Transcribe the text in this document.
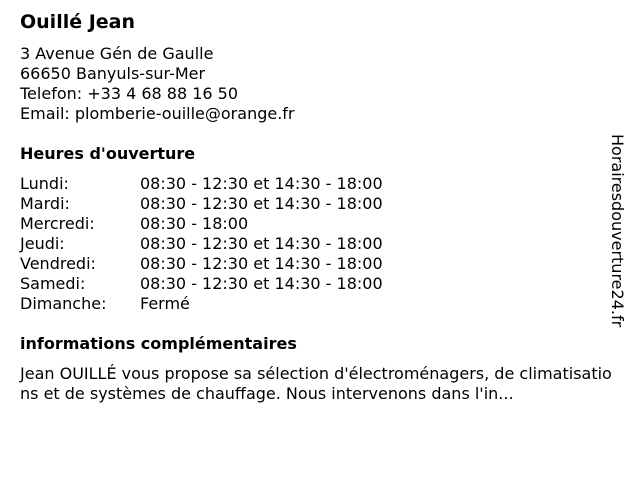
Ouillé Jean
3 Avenue Gén de Gaulle
66650 Banyuls-sur-Mer
Telefon: +33 4 68 88 16 50
Email: plomberie-ouille@orange.fr
Heures d'ouverture
Lundi:	08:30 - 12:30 et 14:30 - 18:00
Mardi:	08:30 - 12:30 et 14:30 - 18:00
Mercredi:	08:30 - 18:00
Jeudi:	08:30 - 12:30 et 14:30 - 18:00
Vendredi:	08:30 - 12:30 et 14:30 - 18:00
Samedi:	08:30 - 12:30 et 14:30 - 18:00
Dimanche: Fermé
informations complémentaires
Jean OUILLÉ vous propose sa sélection d'électroménagers, de climatisations et de systèmes de chauffage. Nous intervenons dans l'in...
Horairesdouverture24.fr
